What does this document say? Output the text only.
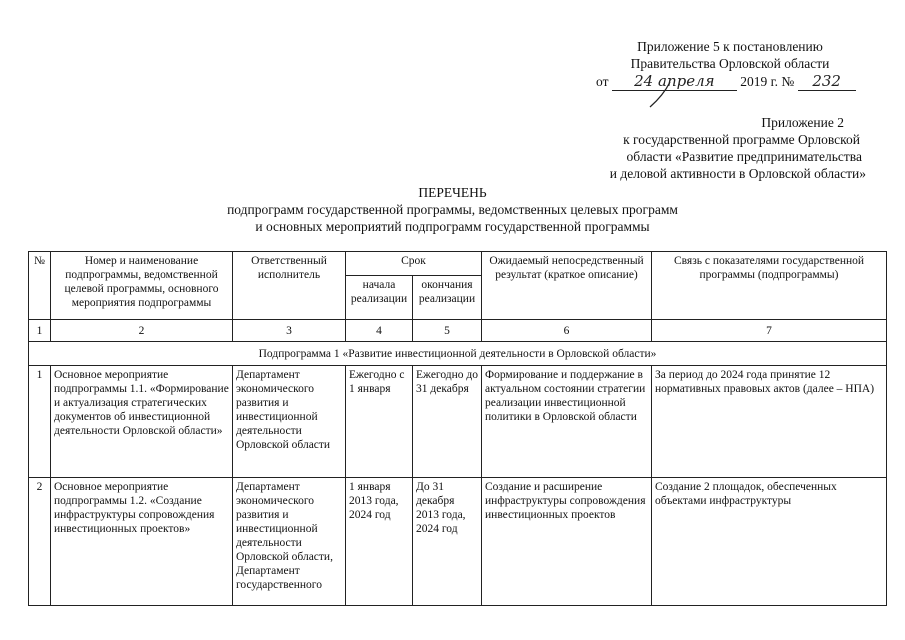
Приложение 5 к постановлению
Правительства Орловской области
от 24 апреля 2019 г. № 232
Приложение 2
к государственной программе Орловской
области «Развитие предпринимательства
и деловой активности в Орловской области»
ПЕРЕЧЕНЬ
подпрограмм государственной программы, ведомственных целевых программ
и основных мероприятий подпрограмм государственной программы
№	Номер и наименование подпрограммы, ведомственной целевой программы, основного мероприятия подпрограммы	Ответственный исполнитель	Срок		Ожидаемый непосредственный результат (краткое описание)	Связь с показателями государственной программы (подпрограммы)
			начала реализации	окончания реализации		
1	2	3	4	5	6	7
Подпрограмма 1 «Развитие инвестиционной деятельности в Орловской области»						
1	Основное мероприятие подпрограммы 1.1. «Формирование и актуализация стратегических документов об инвестиционной деятельности Орловской области»	Департамент экономического развития и инвестиционной деятельности Орловской области	Ежегодно с 1 января	Ежегодно до 31 декабря	Формирование и поддержание в актуальном состоянии стратегии реализации инвестиционной политики в Орловской области	За период до 2024 года принятие 12 нормативных правовых актов (далее – НПА)
2	Основное мероприятие подпрограммы 1.2. «Создание инфраструктуры сопровождения инвестиционных проектов»	Департамент экономического развития и инвестиционной деятельности Орловской области, Департамент государственного	1 января 2013 года, 2024 год	До 31 декабря 2013 года, 2024 год	Создание и расширение инфраструктуры сопровождения инвестиционных проектов	Создание 2 площадок, обеспеченных объектами инфраструктуры
